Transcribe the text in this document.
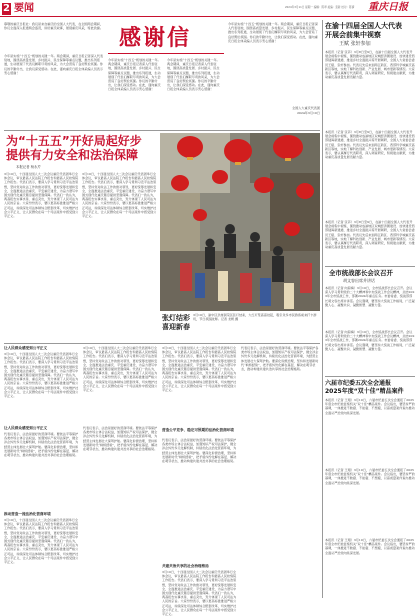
2 要闻	重庆日报
2024年3月11日 星期一 编辑：陈翠 美编：张新 校对：陈倩
尊敬的重庆日报社：我们是来自重庆的全国人大代表，在全国两会期间，你们全面深入报道两会盛况，讲好重庆故事，展现重庆风采，特此致谢。 感谢信
今年是实施“十四五”规划的关键一年。两会期间，重庆日报记者深入代表驻地，围绕高质量发展、乡村振兴、民生保障等重点议题，推出系列报道，生动展现了代表们履职尽责的风采，为大会营造了良好舆论氛围。你们的辛勤付出，让我们深受感动。在此，谨向重庆日报全体采编人员表示衷心感谢！
今年是实施“十四五”规划的关键一年。两会期间，重庆日报记者深入代表驻地，围绕高质量发展、乡村振兴、民生保障等重点议题，推出系列报道，生动展现了代表们履职尽责的风采，为大会营造了良好舆论氛围。你们的辛勤付出，让我们深受感动。在此，谨向重庆日报全体采编人员表示衷心感谢！
今年是实施“十四五”规划的关键一年。两会期间，重庆日报记者深入代表驻地，围绕高质量发展、乡村振兴、民生保障等重点议题，推出系列报道，生动展现了代表们履职尽责的风采，为大会营造了良好舆论氛围。你们的辛勤付出，让我们深受感动。在此，谨向重庆日报全体采编人员表示衷心感谢！
今年是实施“十四五”规划的关键一年。两会期间，重庆日报记者深入代表驻地，围绕高质量发展、乡村振兴、民生保障等重点议题，推出系列报道，生动展现了代表们履职尽责的风采，为大会营造了良好舆论氛围。你们的辛勤付出，让我们深受感动。在此，谨向重庆日报全体采编人员表示衷心感谢！
全国人大重庆代表团
2024年3月10日
为“十五五”开好局起好步
提供有力安全和法治保障
本报记者 杨永芹
3月10日，十四届全国人大二次会议重庆代表团举行全体会议，审议最高人民法院工作报告和最高人民检察院工作报告。代表们表示，要深入学习贯彻习近平法治思想，坚持党对政法工作的绝对领导，更好统筹发展和安全，全面推进法治重庆、平安重庆建设，为奋力谱写中国式现代化重庆篇章提供坚强保障。代表们一致认为，两高报告实事求是、重点突出，充分体现了人民司法为人民的宗旨。大家纷纷表示，要以更高标准推进严格公正司法，持续深化司法体制综合配套改革，切实维护社会公平正义，让人民群众在每一个司法案件中感受到公平正义。
3月10日，十四届全国人大二次会议重庆代表团举行全体会议，审议最高人民法院工作报告和最高人民检察院工作报告。代表们表示，要深入学习贯彻习近平法治思想，坚持党对政法工作的绝对领导，更好统筹发展和安全，全面推进法治重庆、平安重庆建设，为奋力谱写中国式现代化重庆篇章提供坚强保障。代表们一致认为，两高报告实事求是、重点突出，充分体现了人民司法为人民的宗旨。大家纷纷表示，要以更高标准推进严格公正司法，持续深化司法体制综合配套改革，切实维护社会公平正义，让人民群众在每一个司法案件中感受到公平正义。
张灯结彩
喜迎新春
3月10日，渝中区洪崖洞景区张灯结彩，大红灯笼高高挂起，吸引众多市民游客前来打卡游玩，节日氛围浓厚。记者 龙帆 摄
让人民群众感受到公平正义
3月10日，十四届全国人大二次会议重庆代表团举行全体会议，审议最高人民法院工作报告和最高人民检察院工作报告。代表们表示，要深入学习贯彻习近平法治思想，坚持党对政法工作的绝对领导，更好统筹发展和安全，全面推进法治重庆、平安重庆建设，为奋力谱写中国式现代化重庆篇章提供坚强保障。代表们一致认为，两高报告实事求是、重点突出，充分体现了人民司法为人民的宗旨。大家纷纷表示，要以更高标准推进严格公正司法，持续深化司法体制综合配套改革，切实维护社会公平正义，让人民群众在每一个司法案件中感受到公平正义。
让人民群众感受到公平正义
代表们表示，法治是最好的营商环境。要依法平等保护各类市场主体合法权益，加强知识产权司法保护，健全涉企纠纷多元化解机制，持续优化法治化营商环境，为经营主体发展壮大保驾护航。要深化诉源治理，坚持和发展新时代“枫桥经验”，把矛盾纠纷化解在基层、解决在萌芽状态，推动构建共建共治共享的社会治理格局。
推动营造一流法治化营商环境
3月10日，十四届全国人大二次会议重庆代表团举行全体会议，审议最高人民法院工作报告和最高人民检察院工作报告。代表们表示，要深入学习贯彻习近平法治思想，坚持党对政法工作的绝对领导，更好统筹发展和安全，全面推进法治重庆、平安重庆建设，为奋力谱写中国式现代化重庆篇章提供坚强保障。代表们一致认为，两高报告实事求是、重点突出，充分体现了人民司法为人民的宗旨。大家纷纷表示，要以更高标准推进严格公正司法，持续深化司法体制综合配套改革，切实维护社会公平正义，让人民群众在每一个司法案件中感受到公平正义。
3月10日，十四届全国人大二次会议重庆代表团举行全体会议，审议最高人民法院工作报告和最高人民检察院工作报告。代表们表示，要深入学习贯彻习近平法治思想，坚持党对政法工作的绝对领导，更好统筹发展和安全，全面推进法治重庆、平安重庆建设，为奋力谱写中国式现代化重庆篇章提供坚强保障。代表们一致认为，两高报告实事求是、重点突出，充分体现了人民司法为人民的宗旨。大家纷纷表示，要以更高标准推进严格公正司法，持续深化司法体制综合配套改革，切实维护社会公平正义，让人民群众在每一个司法案件中感受到公平正义。
代表们表示，法治是最好的营商环境。要依法平等保护各类市场主体合法权益，加强知识产权司法保护，健全涉企纠纷多元化解机制，持续优化法治化营商环境，为经营主体发展壮大保驾护航。要深化诉源治理，坚持和发展新时代“枫桥经验”，把矛盾纠纷化解在基层、解决在萌芽状态，推动构建共建共治共享的社会治理格局。
3月10日，十四届全国人大二次会议重庆代表团举行全体会议，审议最高人民法院工作报告和最高人民检察院工作报告。代表们表示，要深入学习贯彻习近平法治思想，坚持党对政法工作的绝对领导，更好统筹发展和安全，全面推进法治重庆、平安重庆建设，为奋力谱写中国式现代化重庆篇章提供坚强保障。代表们一致认为，两高报告实事求是、重点突出，充分体现了人民司法为人民的宗旨。大家纷纷表示，要以更高标准推进严格公正司法，持续深化司法体制综合配套改革，切实维护社会公平正义，让人民群众在每一个司法案件中感受到公平正义。
营造公平竞争、稳定可预期的法治化营商环境
代表们表示，法治是最好的营商环境。要依法平等保护各类市场主体合法权益，加强知识产权司法保护，健全涉企纠纷多元化解机制，持续优化法治化营商环境，为经营主体发展壮大保驾护航。要深化诉源治理，坚持和发展新时代“枫桥经验”，把矛盾纠纷化解在基层、解决在萌芽状态，推动构建共建共治共享的社会治理格局。
共建共治共享的社会治理格局
3月10日，十四届全国人大二次会议重庆代表团举行全体会议，审议最高人民法院工作报告和最高人民检察院工作报告。代表们表示，要深入学习贯彻习近平法治思想，坚持党对政法工作的绝对领导，更好统筹发展和安全，全面推进法治重庆、平安重庆建设，为奋力谱写中国式现代化重庆篇章提供坚强保障。代表们一致认为，两高报告实事求是、重点突出，充分体现了人民司法为人民的宗旨。大家纷纷表示，要以更高标准推进严格公正司法，持续深化司法体制综合配套改革，切实维护社会公平正义，让人民群众在每一个司法案件中感受到公平正义。
代表们表示，法治是最好的营商环境。要依法平等保护各类市场主体合法权益，加强知识产权司法保护，健全涉企纠纷多元化解机制，持续优化法治化营商环境，为经营主体发展壮大保驾护航。要深化诉源治理，坚持和发展新时代“枫桥经验”，把矛盾纠纷化解在基层、解决在萌芽状态，推动构建共建共治共享的社会治理格局。
在渝十四届全国人大代表
开展会前集中视察
王赋 张轩参加
本报讯（记者 张莎）3月8日至9日，在渝十四届全国人大代表开展会前集中视察，围绕推动成渝地区双城经济圈建设、加快建设西部陆海新通道、推进乡村全面振兴等开展调研，全国人大常委会委员王赋、张轩参加。代表们先后来到两江新区、西部科学城重庆高新区等地，实地了解科技创新、产业发展、城市更新等情况。大家表示，要认真履行代表职责，深入调查研究，积极建言献策，为推动重庆高质量发展贡献力量。
本报讯（记者 张莎）3月8日至9日，在渝十四届全国人大代表开展会前集中视察，围绕推动成渝地区双城经济圈建设、加快建设西部陆海新通道、推进乡村全面振兴等开展调研，全国人大常委会委员王赋、张轩参加。代表们先后来到两江新区、西部科学城重庆高新区等地，实地了解科技创新、产业发展、城市更新等情况。大家表示，要认真履行代表职责，深入调查研究，积极建言献策，为推动重庆高质量发展贡献力量。
本报讯（记者 张莎）3月8日至9日，在渝十四届全国人大代表开展会前集中视察，围绕推动成渝地区双城经济圈建设、加快建设西部陆海新通道、推进乡村全面振兴等开展调研，全国人大常委会委员王赋、张轩参加。代表们先后来到两江新区、西部科学城重庆高新区等地，实地了解科技创新、产业发展、城市更新等情况。大家表示，要认真履行代表职责，深入调查研究，积极建言献策，为推动重庆高质量发展贡献力量。
全市统战部长会议召开
胡文容出席并讲话
本报讯（记者 向菊梅）3月10日，全市统战部长会议召开。会议深入学习贯彻党的二十大精神和中央统战工作会议精神，总结2023年全市统战工作，部署2024年重点任务。市委常委、统战部部长胡文容出席并讲话。会议强调，要坚持大统战工作格局，广泛凝聚人心、凝聚共识、凝聚智慧、凝聚力量。
本报讯（记者 向菊梅）3月10日，全市统战部长会议召开。会议深入学习贯彻党的二十大精神和中央统战工作会议精神，总结2023年全市统战工作，部署2024年重点任务。市委常委、统战部部长胡文容出席并讲话。会议强调，要坚持大统战工作格局，广泛凝聚人心、凝聚共识、凝聚智慧、凝聚力量。
六届市纪委五次全会通报
2025年度“双十佳”精品案件
本报讯（记者 王翔）3月10日，六届市纪委五次全会通报了2025年度全市纪检监察机关“双十佳”精品案件。会议指出，要坚持严的基调，一体推进不敢腐、不能腐、不想腐，以高质量案件查办推动全面从严治党向纵深发展。
本报讯（记者 王翔）3月10日，六届市纪委五次全会通报了2025年度全市纪检监察机关“双十佳”精品案件。会议指出，要坚持严的基调，一体推进不敢腐、不能腐、不想腐，以高质量案件查办推动全面从严治党向纵深发展。
本报讯（记者 王翔）3月10日，六届市纪委五次全会通报了2025年度全市纪检监察机关“双十佳”精品案件。会议指出，要坚持严的基调，一体推进不敢腐、不能腐、不想腐，以高质量案件查办推动全面从严治党向纵深发展。
